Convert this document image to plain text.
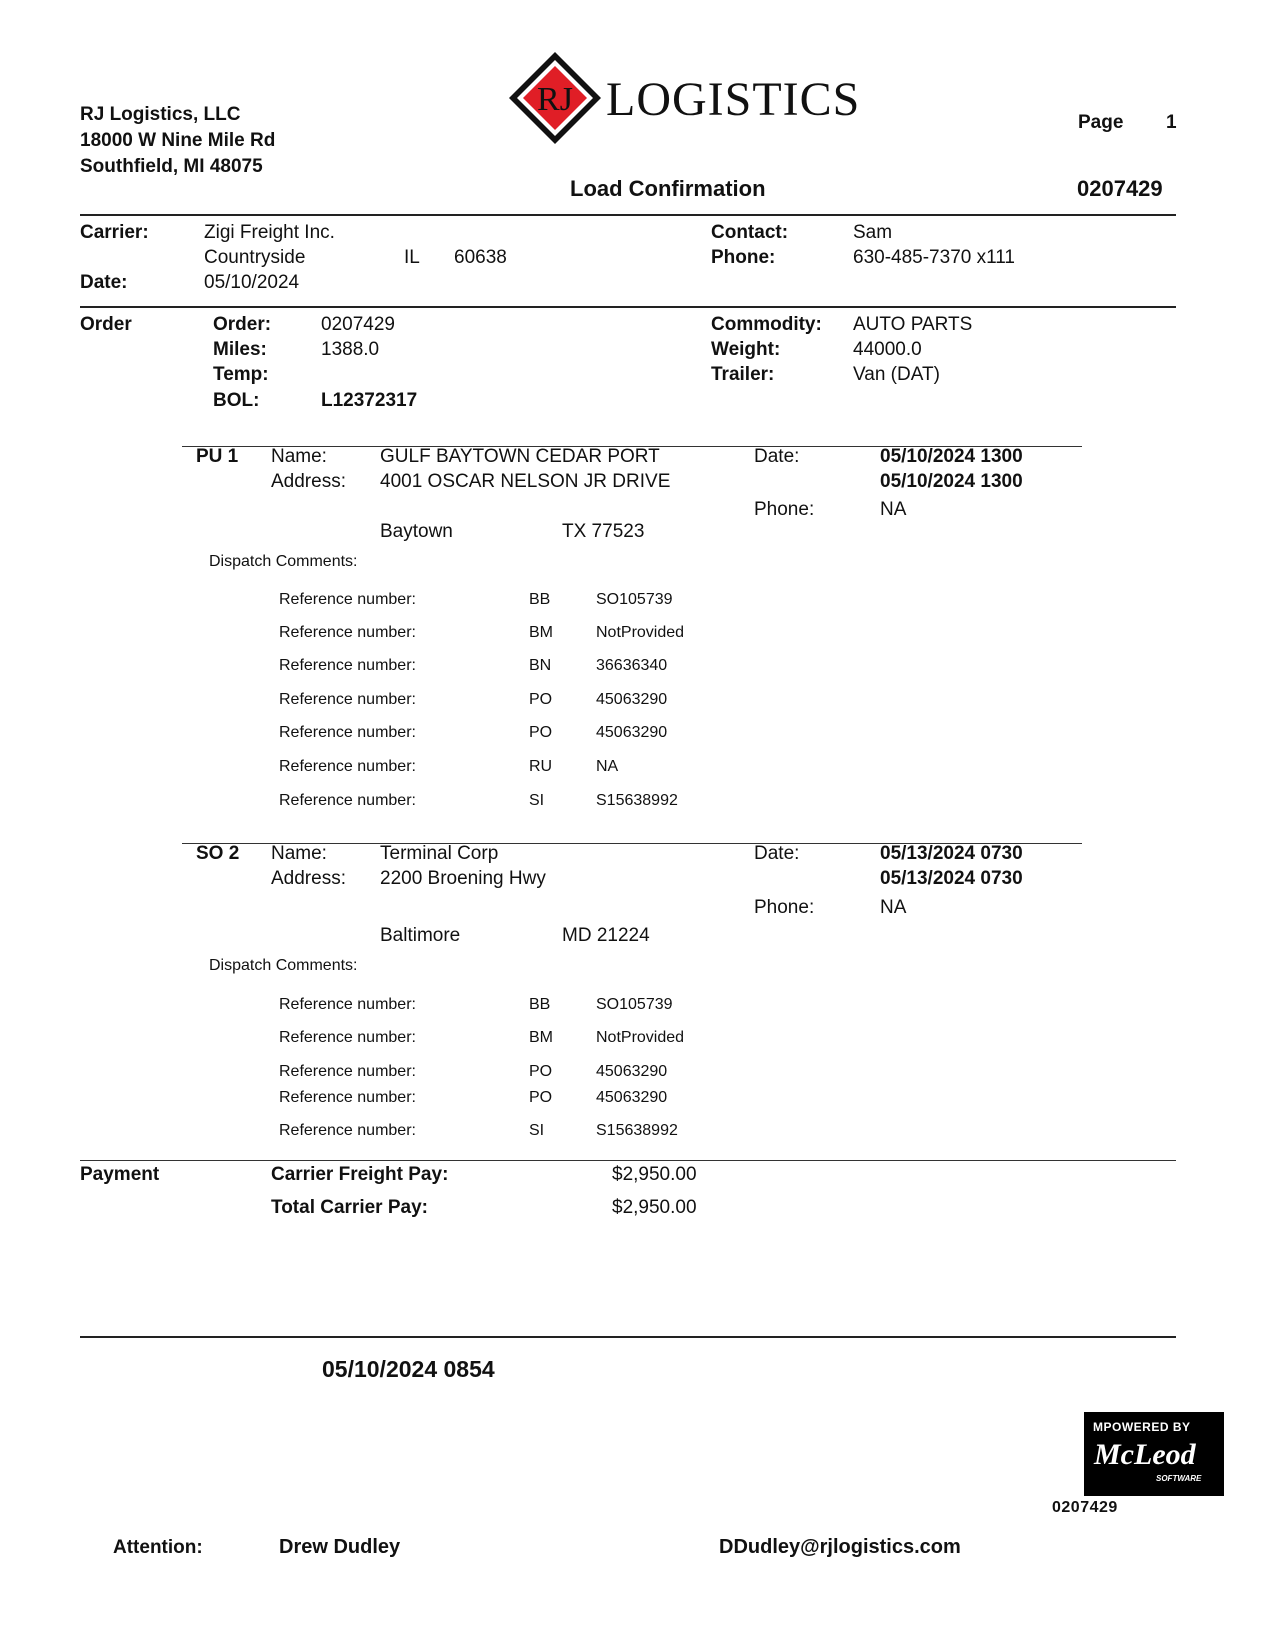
RJ Logistics, LLC
18000 W Nine Mile Rd
Southfield, MI 48075
RJ LOGISTICS	Page 1
Load Confirmation	0207429
Carrier:	Zigi Freight Inc.
Countryside	IL 60638
Date:	05/10/2024
Contact:	Sam
Phone:	630-485-7370 x111
Order	Order:	0207429
Miles:	1388.0
Temp:
BOL:	L12372317
Commodity: AUTO PARTS
Weight:	44000.0
Trailer:	Van (DAT)
PU 1 Name:	GULF BAYTOWN CEDAR PORT
Address: 4001 OSCAR NELSON JR DRIVE
Baytown	TX 77523
Date:	05/10/2024 1300
05/10/2024 1300
Phone:	NA
Dispatch Comments:
Reference number:	BB	SO105739
Reference number:	BM	NotProvided
Reference number:	BN	36636340
Reference number:	PO	45063290
Reference number:	PO	45063290
Reference number:	RU	NA
Reference number:	SI	S15638992
SO 2 Name:	Terminal Corp
Address: 2200 Broening Hwy
Baltimore	MD 21224
Date:	05/13/2024 0730
05/13/2024 0730
Phone:	NA
Dispatch Comments:
Reference number:	BB	SO105739
Reference number:	BM	NotProvided
Reference number:	PO	45063290
Reference number:	PO	45063290
Reference number:	SI	S15638992
Payment	Carrier Freight Pay:	$2,950.00
Total Carrier Pay:	$2,950.00
05/10/2024 0854
MPOWERED BY
McLeod
SOFTWARE
0207429
Attention:	Drew Dudley	DDudley@rjlogistics.com
